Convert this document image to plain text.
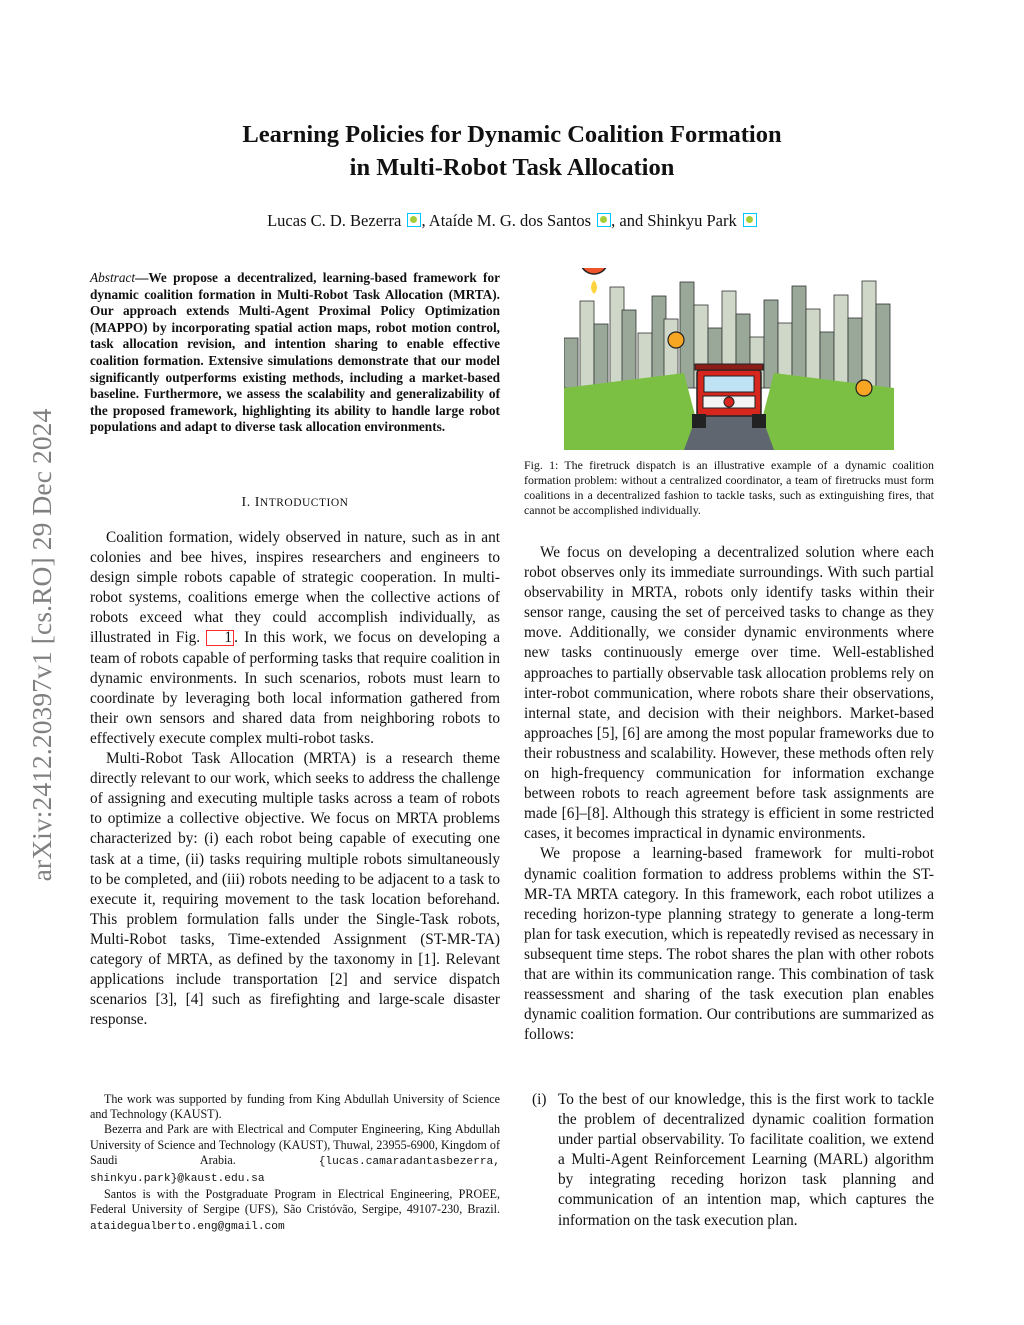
arXiv:2412.20397v1 [cs.RO] 29 Dec 2024
Learning Policies for Dynamic Coalition Formation
in Multi-Robot Task Allocation
Lucas C. D. Bezerra , Ataíde M. G. dos Santos , and Shinkyu Park
Abstract—We propose a decentralized, learning-based framework for dynamic coalition formation in Multi-Robot Task Allocation (MRTA). Our approach extends Multi-Agent Proximal Policy Optimization (MAPPO) by incorporating spatial action maps, robot motion control, task allocation revision, and intention sharing to enable effective coalition formation. Extensive simulations demonstrate that our model significantly outperforms existing methods, including a market-based baseline. Furthermore, we assess the scalability and generalizability of the proposed framework, highlighting its ability to handle large robot populations and adapt to diverse task allocation environments.
I. INTRODUCTION

Coalition formation, widely observed in nature, such as in ant colonies and bee hives, inspires researchers and engineers to design simple robots capable of strategic cooperation. In multi-robot systems, coalitions emerge when the collective actions of robots exceed what they could accomplish individually, as illustrated in Fig. 1 . In this work, we focus on developing a team of robots capable of performing tasks that require coalition in dynamic environments. In such scenarios, robots must learn to coordinate by leveraging both local information gathered from their own sensors and shared data from neighboring robots to effectively execute complex multi-robot tasks.

Multi-Robot Task Allocation (MRTA) is a research theme directly relevant to our work, which seeks to address the challenge of assigning and executing multiple tasks across a team of robots to optimize a collective objective. We focus on MRTA problems characterized by: (i) each robot being capable of executing one task at a time, (ii) tasks requiring multiple robots simultaneously to be completed, and (iii) robots needing to be adjacent to a task to execute it, requiring movement to the task location beforehand. This problem formulation falls under the Single-Task robots, Multi-Robot tasks, Time-extended Assignment (ST-MR-TA) category of MRTA, as defined by the taxonomy in [1]. Relevant applications include transportation [2] and service dispatch scenarios [3], [4] such as firefighting and large-scale disaster response.

The work was supported by funding from King Abdullah University of Science and Technology (KAUST).

Bezerra and Park are with Electrical and Computer Engineering, King Abdullah University of Science and Technology (KAUST), Thuwal, 23955-6900, Kingdom of Saudi Arabia. {lucas.camaradantasbezerra, shinkyu.park}@kaust.edu.sa

Santos is with the Postgraduate Program in Electrical Engineering, PROEE, Federal University of Sergipe (UFS), São Cristóvão, Sergipe, 49107-230, Brazil. ataidegualberto.eng@gmail.com

Fig. 1: The firetruck dispatch is an illustrative example of a dynamic coalition formation problem: without a centralized coordinator, a team of firetrucks must form coalitions in a decentralized fashion to tackle tasks, such as extinguishing fires, that cannot be accomplished individually.

We focus on developing a decentralized solution where each robot observes only its immediate surroundings. With such partial observability in MRTA, robots only identify tasks within their sensor range, causing the set of perceived tasks to change as they move. Additionally, we consider dynamic environments where new tasks continuously emerge over time. Well-established approaches to partially observable task allocation problems rely on inter-robot communication, where robots share their observations, internal state, and decision with their neighbors. Market-based approaches [5], [6] are among the most popular frameworks due to their robustness and scalability. However, these methods often rely on high-frequency communication for information exchange between robots to reach agreement before task assignments are made [6]–[8]. Although this strategy is efficient in some restricted cases, it becomes impractical in dynamic environments.

We propose a learning-based framework for multi-robot dynamic coalition formation to address problems within the ST-MR-TA MRTA category. In this framework, each robot utilizes a receding horizon-type planning strategy to generate a long-term plan for task execution, which is repeatedly revised as necessary in subsequent time steps. The robot shares the plan with other robots that are within its communication range. This combination of task reassessment and sharing of the task execution plan enables dynamic coalition formation. Our contributions are summarized as follows:

(i) To the best of our knowledge, this is the first work to tackle the problem of decentralized dynamic coalition formation under partial observability. To facilitate coalition, we extend a Multi-Agent Reinforcement Learning (MARL) algorithm by integrating receding horizon task planning and communication of an intention map, which captures the information on the task execution plan.
